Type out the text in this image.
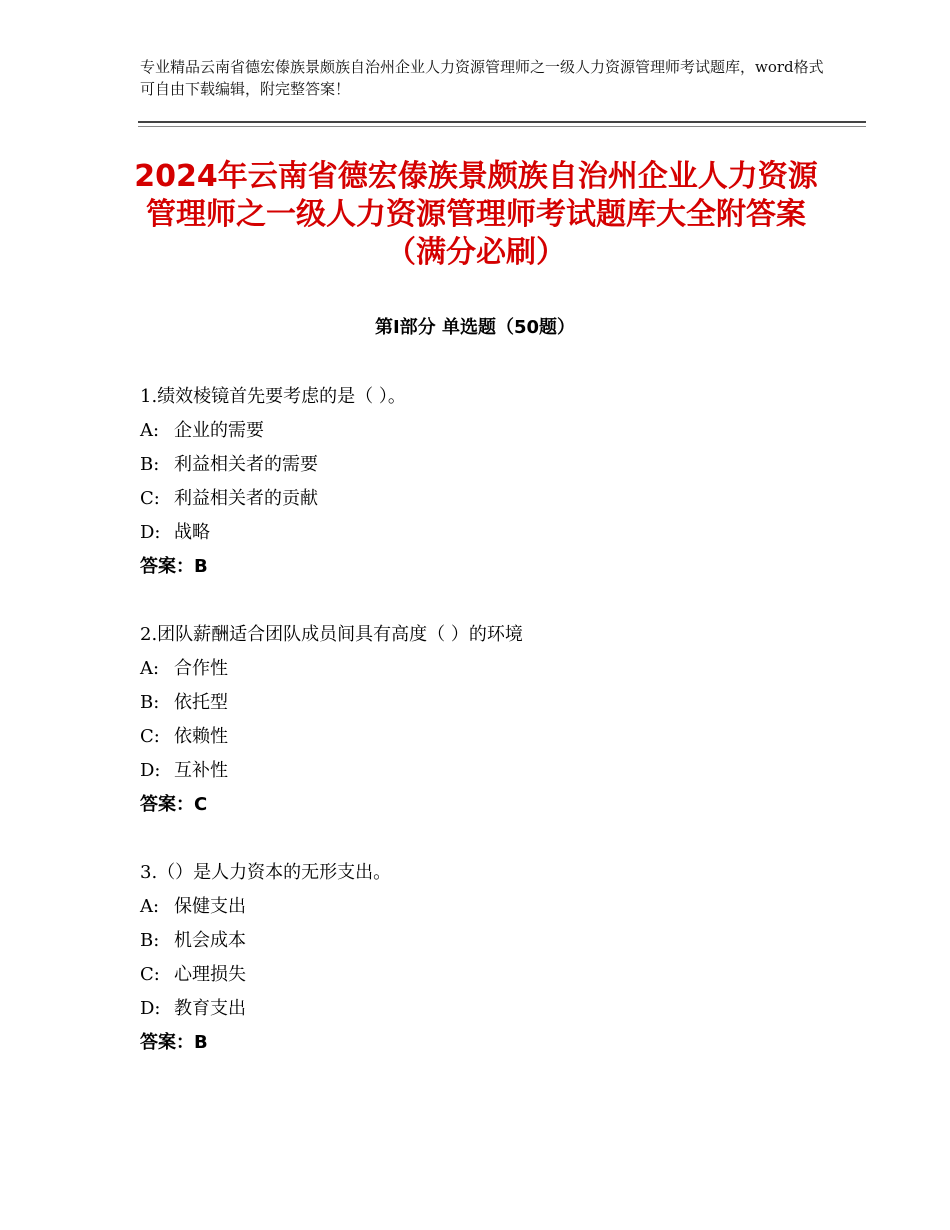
专业精品云南省德宏傣族景颇族自治州企业人力资源管理师之一级人力资源管理师考试题库，word格式可自由下载编辑，附完整答案！
2024年云南省德宏傣族景颇族自治州企业人力资源管理师之一级人力资源管理师考试题库大全附答案（满分必刷）
第Ⅰ部分 单选题（50题）
1.绩效棱镜首先要考虑的是（ ）。
A: 企业的需要
B: 利益相关者的需要
C: 利益相关者的贡献
D: 战略
答案：B
2.团队薪酬适合团队成员间具有高度（ ）的环境
A: 合作性
B: 依托型
C: 依赖性
D: 互补性
答案：C
3.（）是人力资本的无形支出。
A: 保健支出
B: 机会成本
C: 心理损失
D: 教育支出
答案：B
